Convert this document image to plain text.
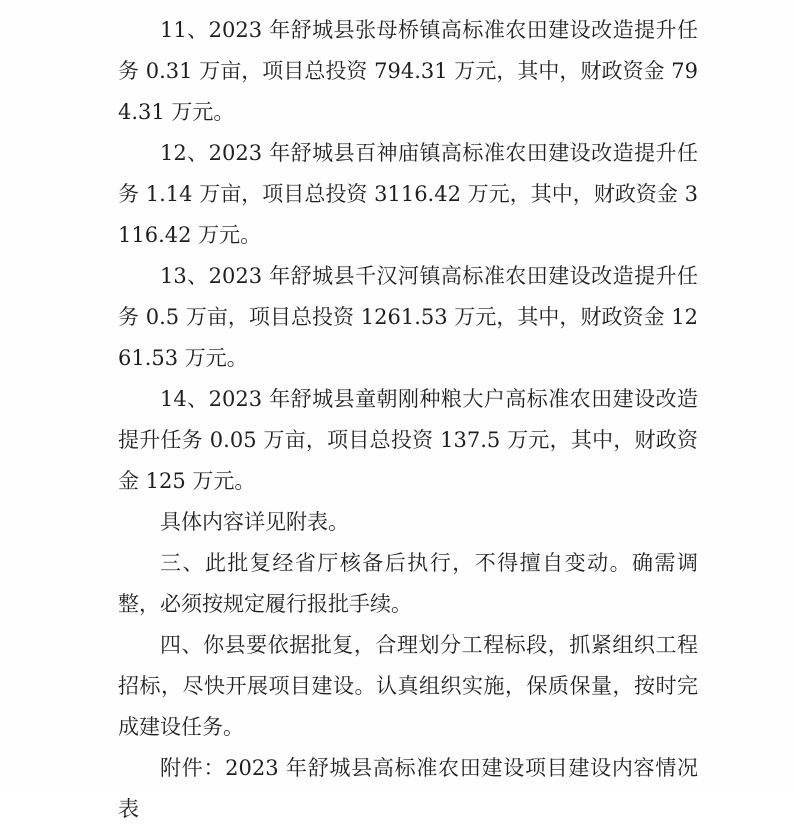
11、2023 年舒城县张母桥镇高标准农田建设改造提升任务 0.31 万亩，项目总投资 794.31 万元，其中，财政资金 794.31 万元。

12、2023 年舒城县百神庙镇高标准农田建设改造提升任务 1.14 万亩，项目总投资 3116.42 万元，其中，财政资金 3116.42 万元。

13、2023 年舒城县千汉河镇高标准农田建设改造提升任务 0.5 万亩，项目总投资 1261.53 万元，其中，财政资金 1261.53 万元。

14、2023 年舒城县童朝刚种粮大户高标准农田建设改造提升任务 0.05 万亩，项目总投资 137.5 万元，其中，财政资金 125 万元。

具体内容详见附表。

三、此批复经省厅核备后执行，不得擅自变动。确需调整，必须按规定履行报批手续。

四、你县要依据批复，合理划分工程标段，抓紧组织工程招标，尽快开展项目建设。认真组织实施，保质保量，按时完成建设任务。

附件：2023 年舒城县高标准农田建设项目建设内容情况表
